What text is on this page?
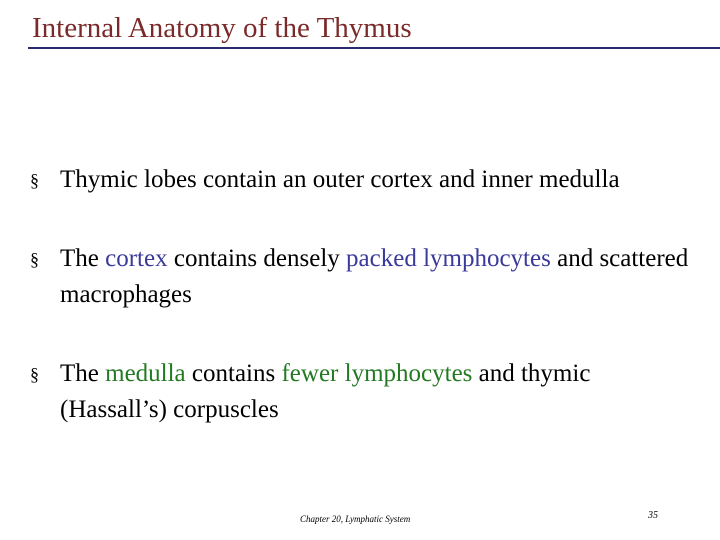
Internal Anatomy of the Thymus
§ Thymic lobes contain an outer cortex and inner medulla
§ The cortex contains densely packed lymphocytes and scattered macrophages
§ The medulla contains fewer lymphocytes and thymic (Hassall’s) corpuscles
Chapter 20, Lymphatic System	35
